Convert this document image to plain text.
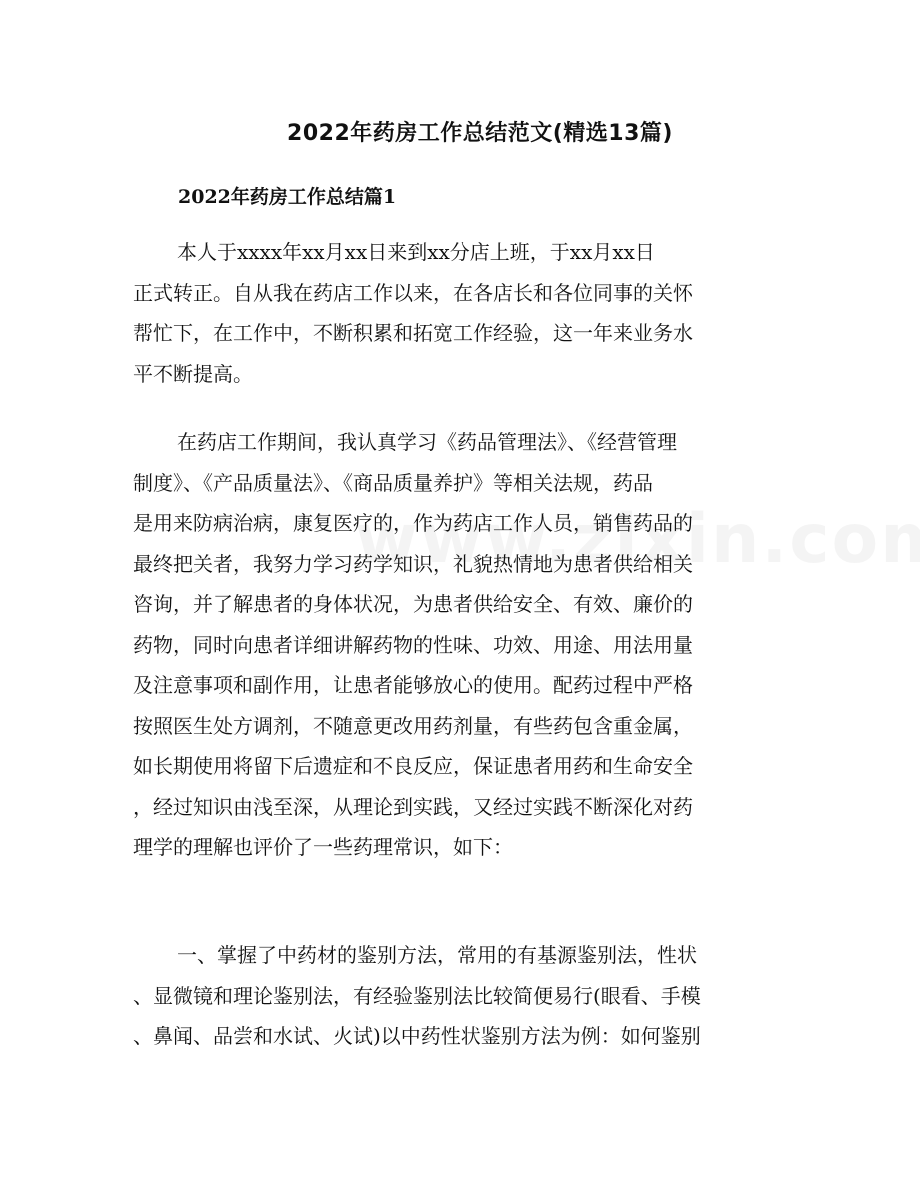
2022年药房工作总结范文(精选13篇)
2022年药房工作总结篇1

本人于xxxx年xx月xx日来到xx分店上班，于xx月xx日
正式转正。自从我在药店工作以来，在各店长和各位同事的关怀
帮忙下，在工作中，不断积累和拓宽工作经验，这一年来业务水
平不断提高。

在药店工作期间，我认真学习《药品管理法》、《经营管理
制度》、《产品质量法》、《商品质量养护》等相关法规，药品
是用来防病治病，康复医疗的，作为药店工作人员，销售药品的
最终把关者，我努力学习药学知识，礼貌热情地为患者供给相关
咨询，并了解患者的身体状况，为患者供给安全、有效、廉价的
药物，同时向患者详细讲解药物的性味、功效、用途、用法用量
及注意事项和副作用，让患者能够放心的使用。配药过程中严格
按照医生处方调剂，不随意更改用药剂量，有些药包含重金属，
如长期使用将留下后遗症和不良反应，保证患者用药和生命安全
，经过知识由浅至深，从理论到实践，又经过实践不断深化对药
理学的理解也评价了一些药理常识，如下：

一、掌握了中药材的鉴别方法，常用的有基源鉴别法，性状
、显微镜和理论鉴别法，有经验鉴别法比较简便易行(眼看、手模
、鼻闻、品尝和水试、火试)以中药性状鉴别方法为例：如何鉴别
